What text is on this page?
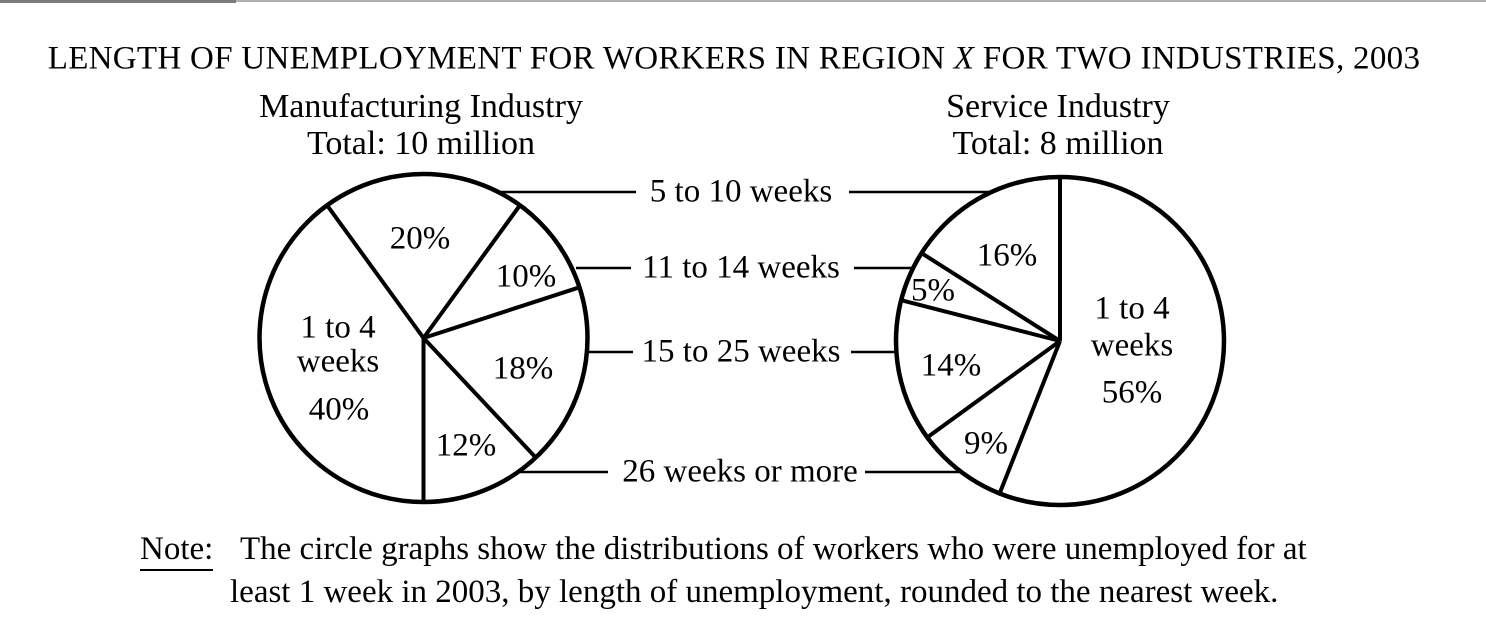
LENGTH OF UNEMPLOYMENT FOR WORKERS IN REGION X FOR TWO INDUSTRIES, 2003
Manufacturing Industry
Total: 10 million
Service Industry
Total: 8 million
5 to 10 weeks
11 to 14 weeks
15 to 25 weeks
26 weeks or more
20%
10%
18%
12%
1 to 4
weeks
40%
16%
5%
14%
9%
1 to 4
weeks
56%
Note: The circle graphs show the distributions of workers who were unemployed for at
least 1 week in 2003, by length of unemployment, rounded to the nearest week.
